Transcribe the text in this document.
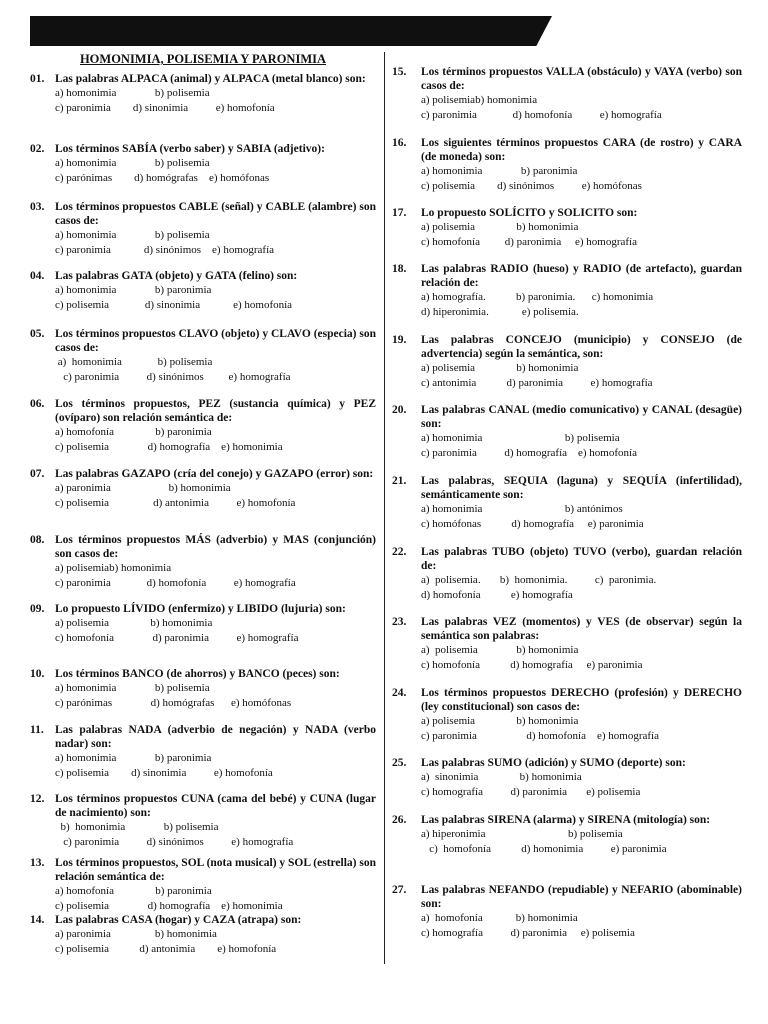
HOMONIMIA, POLISEMIA Y PARONIMIA
01. Las palabras ALPACA (animal) y ALPACA (metal blanco) son:
a) homonimia              b) polisemia
c) paronimia        d) sinonimia          e) homofonía
02. Los términos SABÍA (verbo saber) y SABIA (adjetivo):
a) homonimia              b) polisemia
c) parónimas        d) homógrafas    e) homófonas
03. Los términos propuestos CABLE (señal) y CABLE (alambre) son casos de:
a) homonimia              b) polisemia
c) paronimia            d) sinónimos    e) homografía
04. Las palabras GATA (objeto) y GATA (felino) son:
a) homonimia              b) paronimia
c) polisemia             d) sinonimia            e) homofonía
05. Los términos propuestos CLAVO (objeto) y CLAVO (especia) son casos de:
a)  homonimia             b) polisemia
c) paronimia          d) sinónimos         e) homografía
06. Los términos propuestos, PEZ (sustancia química) y PEZ (ovíparo) son relación semántica de:
a) homofonía               b) paronimia
c) polisemia              d) homografía    e) homonimia
07. Las palabras GAZAPO (cría del conejo) y GAZAPO (error) son:
a) paronimia                     b) homonimia
c) polisemia                d) antonimia          e) homofonía
08. Los términos propuestos MÁS (adverbio) y MAS (conjunción) son casos de:
a) polisemiab) homonimia
c) paronimia             d) homofonía          e) homografía
09. Lo propuesto LÍVIDO (enfermizo) y LIBIDO (lujuria) son:
a) polisemia               b) homonimia
c) homofonía              d) paronimia          e) homografía
10. Los términos BANCO (de ahorros) y BANCO (peces) son:
a) homonimia              b) polisemia
c) parónimas              d) homógrafas      e) homófonas
11. Las palabras NADA (adverbio de negación) y NADA (verbo nadar) son:
a) homonimia              b) paronimia
c) polisemia        d) sinonimia          e) homofonía
12. Los términos propuestos CUNA (cama del bebé) y CUNA (lugar de nacimiento) son:
b)  homonimia              b) polisemia
c) paronimia          d) sinónimos          e) homografía
13. Los términos propuestos, SOL (nota musical) y SOL (estrella) son relación semántica de:
a) homofonía               b) paronimia
c) polisemia              d) homografía    e) homonimia
14. Las palabras CASA (hogar) y CAZA (atrapa) son:
a) paronimia                b) homonimia
c) polisemia           d) antonimia        e) homofonía
15.	Los términos propuestos VALLA (obstáculo) y VAYA (verbo) son casos de:
a) polisemiab) homonimia
c) paronimia             d) homofonía          e) homografía
16.	Los siguientes términos propuestos CARA (de rostro) y CARA (de moneda) son:
a) homonimia              b) paronimia
c) polisemia        d) sinónimos          e) homófonas
17.	Lo propuesto SOLÍCITO y SOLICITO son:
a) polisemia               b) homonimia
c) homofonía         d) paronimia     e) homografía
18.	Las palabras RADIO (hueso) y RADIO (de artefacto), guardan relación de:
a) homografía.           b) paronimia.      c) homonimia
d) hiperonimia.            e) polisemia.
19.	Las palabras CONCEJO (municipio) y CONSEJO (de advertencia) según la semántica, son:
a) polisemia               b) homonimia
c) antonimia           d) paronimia          e) homografía
20.	Las palabras CANAL (medio comunicativo) y CANAL (desagüe) son:
a) homonimia                              b) polisemia
c) paronimia          d) homografía    e) homofonía
21.	Las palabras, SEQUIA (laguna) y SEQUÍA (infertilidad), semánticamente son:
a) homonimia                              b) antónimos
c) homófonas           d) homografía     e) paronimia
22.	Las palabras TUBO (objeto) TUVO (verbo), guardan relación de:
a)  polisemia.       b)  homonimia.          c)  paronimia.
d) homofonía           e) homografía
23.	Las palabras VEZ (momentos) y VES (de observar) según la semántica son palabras:
a)  polisemia              b) homonimia
c) homofonía           d) homografía     e) paronimia
24.	Los términos propuestos DERECHO (profesión) y DERECHO (ley constitucional) son casos de:
a) polisemia               b) homonimia
c) paronimia                  d) homofonía    e) homografía
25.	Las palabras SUMO (adición) y SUMO (deporte) son:
a)  sinonimia               b) homonimia
c) homografía          d) paronimia       e) polisemia
26.	Las palabras SIRENA (alarma) y SIRENA (mitología) son:
a) hiperonimia                              b) polisemia
c)  homofonía           d) homonimia          e) paronimia
27.	Las palabras NEFANDO (repudiable) y NEFARIO (abominable) son:
a)  homofonía            b) homonimia
c) homografía          d) paronimia     e) polisemia
